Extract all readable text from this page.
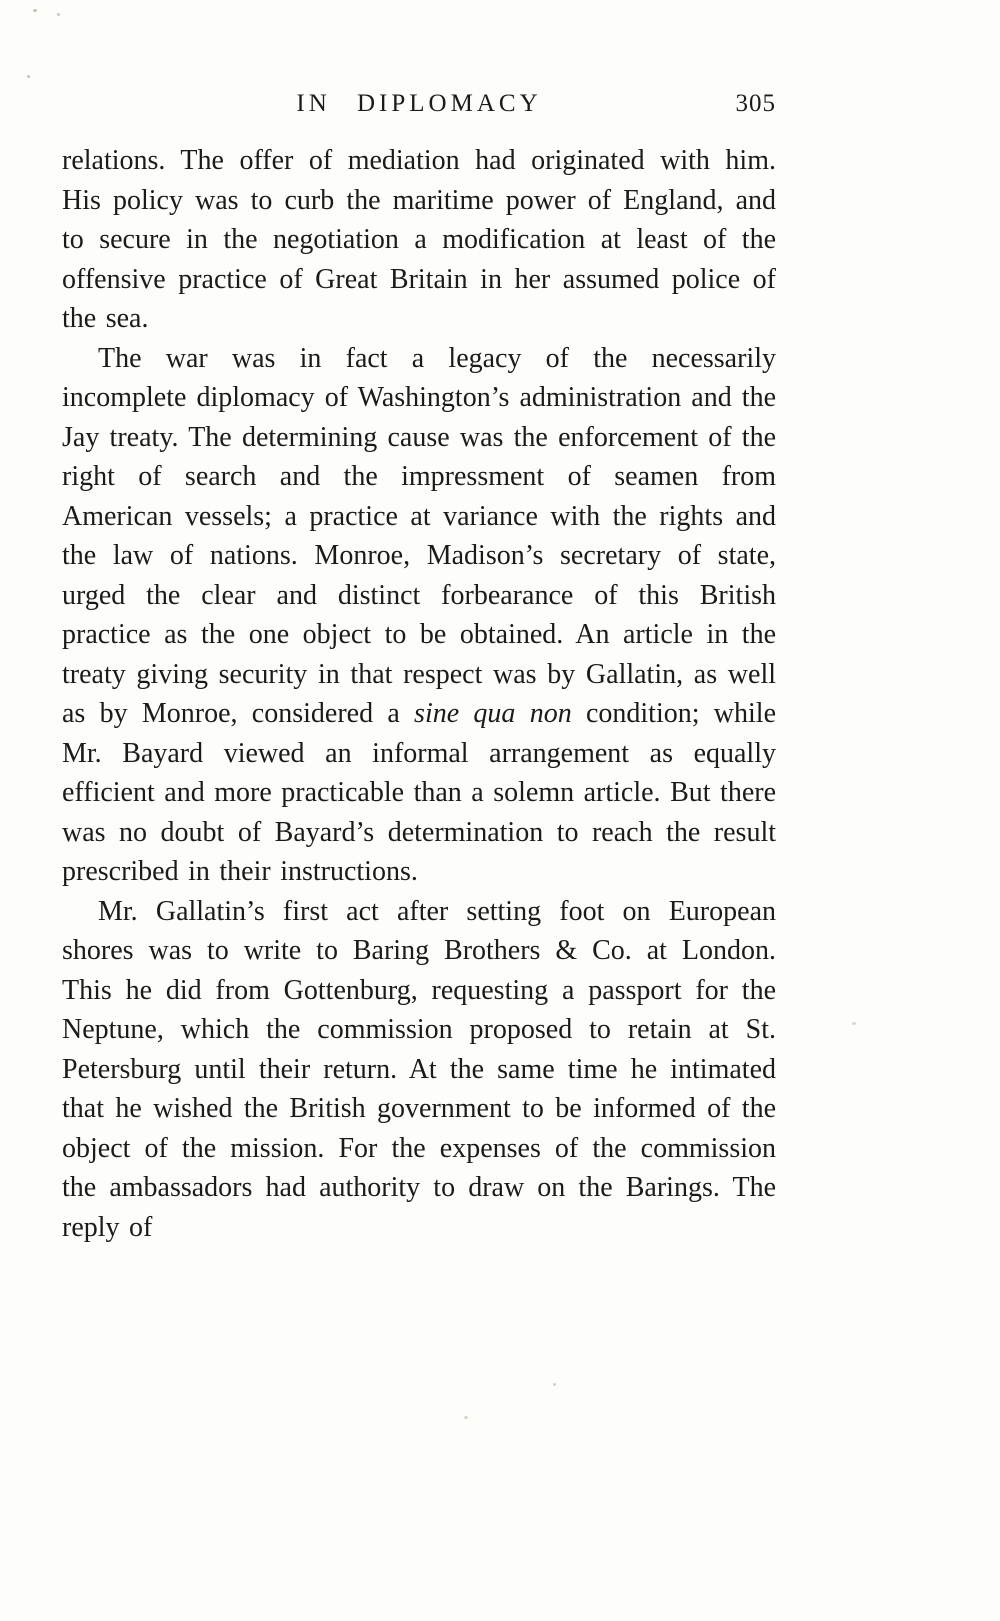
IN DIPLOMACY	305

relations. The offer of mediation had originated with him. His policy was to curb the maritime power of England, and to secure in the negotiation a modification at least of the offensive practice of Great Britain in her assumed police of the sea.

The war was in fact a legacy of the necessarily incomplete diplomacy of Washington’s administration and the Jay treaty. The determining cause was the enforcement of the right of search and the impressment of seamen from American vessels; a practice at variance with the rights and the law of nations. Monroe, Madison’s secretary of state, urged the clear and distinct forbearance of this British practice as the one object to be obtained. An article in the treaty giving security in that respect was by Gallatin, as well as by Monroe, considered a sine qua non condition; while Mr. Bayard viewed an informal arrangement as equally efficient and more practicable than a solemn article. But there was no doubt of Bayard’s determination to reach the result prescribed in their instructions.

Mr. Gallatin’s first act after setting foot on European shores was to write to Baring Brothers & Co. at London. This he did from Gottenburg, requesting a passport for the Neptune, which the commission proposed to retain at St. Petersburg until their return. At the same time he intimated that he wished the British government to be informed of the object of the mission. For the expenses of the commission the ambassadors had authority to draw on the Barings. The reply of
